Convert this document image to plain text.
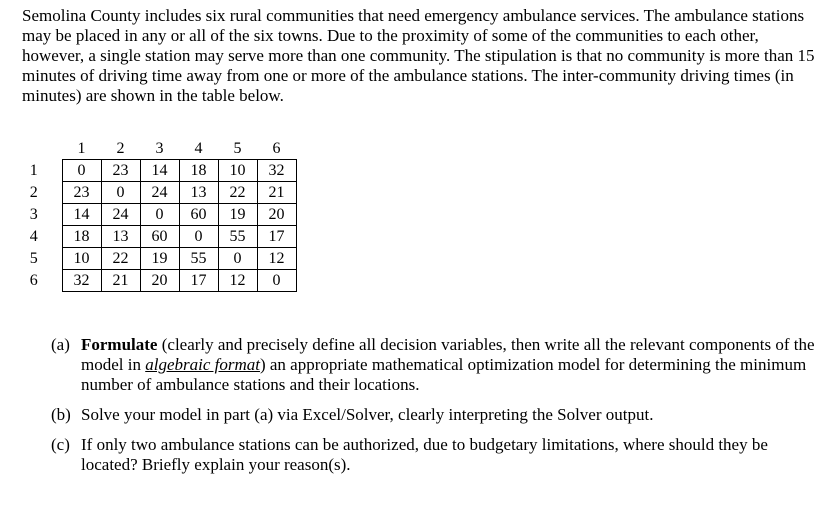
Semolina County includes six rural communities that need emergency ambulance services. The ambulance stations may be placed in any or all of the six towns. Due to the proximity of some of the communities to each other, however, a single station may serve more than one community. The stipulation is that no community is more than 15 minutes of driving time away from one or more of the ambulance stations. The inter-community driving times (in minutes) are shown in the table below.

	1	2	3	4	5	6
1	0	23	14	18	10	32
2	23	0	24	13	22	21
3	14	24	0	60	19	20
4	18	13	60	0	55	17
5	10	22	19	55	0	12
6	32	21	20	17	12	0
(a) Formulate (clearly and precisely define all decision variables, then write all the relevant components of the model in algebraic format) an appropriate mathematical optimization model for determining the minimum number of ambulance stations and their locations.
(b) Solve your model in part (a) via Excel/Solver, clearly interpreting the Solver output.
(c) If only two ambulance stations can be authorized, due to budgetary limitations, where should they be located? Briefly explain your reason(s).
